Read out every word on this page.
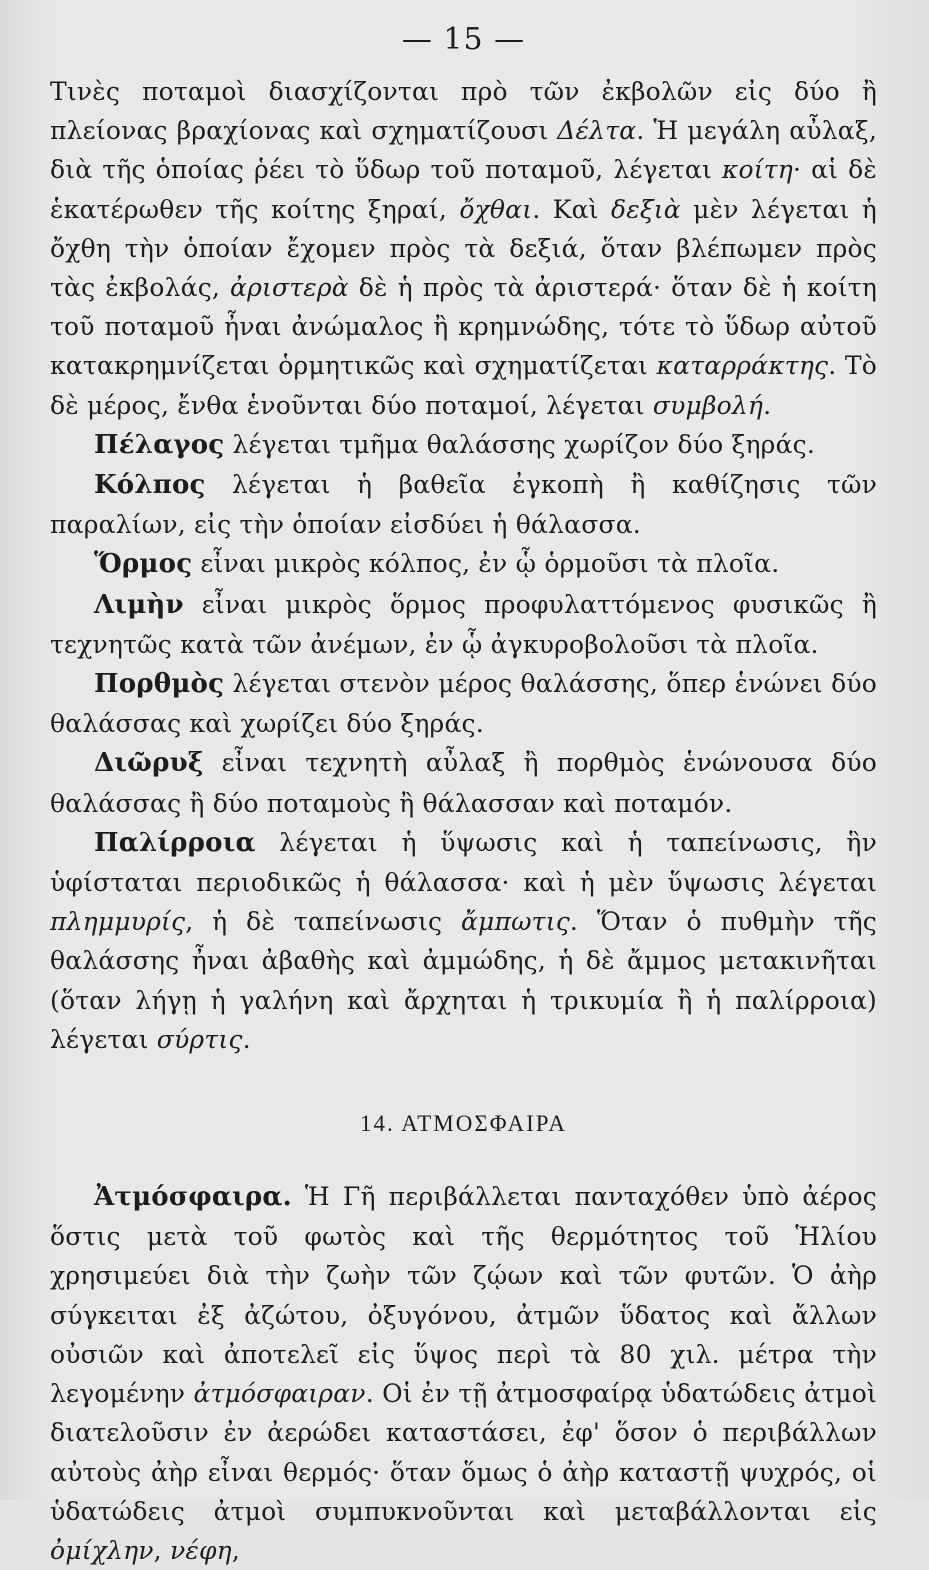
— 15 —

Τινὲς ποταμοὶ διασχίζονται πρὸ τῶν ἐκβολῶν εἰς δύο ἢ πλείονας βραχίονας καὶ σχηματίζουσι Δέλτα. Ἡ μεγάλη αὖλαξ, διὰ τῆς ὁποίας ῥέει τὸ ὕδωρ τοῦ ποταμοῦ, λέγεται κοίτη· αἱ δὲ ἑκατέρωθεν τῆς κοίτης ξηραί, ὄχθαι. Καὶ δεξιὰ μὲν λέγεται ἡ ὄχθη τὴν ὁποίαν ἔχομεν πρὸς τὰ δεξιά, ὅταν βλέπωμεν πρὸς τὰς ἐκβολάς, ἀριστερὰ δὲ ἡ πρὸς τὰ ἀριστερά· ὅταν δὲ ἡ κοίτη τοῦ ποταμοῦ ἦναι ἀνώμαλος ἢ κρημνώδης, τότε τὸ ὕδωρ αὐτοῦ κατακρημνίζεται ὁρμητικῶς καὶ σχηματίζεται καταρράκτης. Τὸ δὲ μέρος, ἔνθα ἑνοῦνται δύο ποταμοί, λέγεται συμβολή.

Πέλαγος λέγεται τμῆμα θαλάσσης χωρίζον δύο ξηράς.

Κόλπος λέγεται ἡ βαθεῖα ἐγκοπὴ ἢ καθίζησις τῶν παραλίων, εἰς τὴν ὁποίαν εἰσδύει ἡ θάλασσα.

Ὅρμος εἶναι μικρὸς κόλπος, ἐν ᾧ ὁρμοῦσι τὰ πλοῖα.

Λιμὴν εἶναι μικρὸς ὅρμος προφυλαττόμενος φυσικῶς ἢ τεχνητῶς κατὰ τῶν ἀνέμων, ἐν ᾧ ἀγκυροβολοῦσι τὰ πλοῖα.

Πορθμὸς λέγεται στενὸν μέρος θαλάσσης, ὅπερ ἑνώνει δύο θαλάσσας καὶ χωρίζει δύο ξηράς.

Διῶρυξ εἶναι τεχνητὴ αὖλαξ ἢ πορθμὸς ἑνώνουσα δύο θαλάσσας ἢ δύο ποταμοὺς ἢ θάλασσαν καὶ ποταμόν.

Παλίρροια λέγεται ἡ ὕψωσις καὶ ἡ ταπείνωσις, ἣν ὑφίσταται περιοδικῶς ἡ θάλασσα· καὶ ἡ μὲν ὕψωσις λέγεται πλημμυρίς, ἡ δὲ ταπείνωσις ἄμπωτις. Ὅταν ὁ πυθμὴν τῆς θαλάσσης ἦναι ἀβαθὴς καὶ ἀμμώδης, ἡ δὲ ἄμμος μετακινῆται (ὅταν λήγῃ ἡ γαλήνη καὶ ἄρχηται ἡ τρικυμία ἢ ἡ παλίρροια) λέγεται σύρτις.

14. ΑΤΜΟΣΦΑΙΡΑ

Ἀτμόσφαιρα. Ἡ Γῆ περιβάλλεται πανταχόθεν ὑπὸ ἀέρος ὅστις μετὰ τοῦ φωτὸς καὶ τῆς θερμότητος τοῦ Ἡλίου χρησιμεύει διὰ τὴν ζωὴν τῶν ζῴων καὶ τῶν φυτῶν. Ὁ ἀὴρ σύγκειται ἐξ ἀζώτου, ὀξυγόνου, ἀτμῶν ὕδατος καὶ ἄλλων οὐσιῶν καὶ ἀποτελεῖ εἰς ὕψος περὶ τὰ 80 χιλ. μέτρα τὴν λεγομένην ἀτμόσφαιραν. Οἱ ἐν τῇ ἀτμοσφαίρᾳ ὑδατώδεις ἀτμοὶ διατελοῦσιν ἐν ἀερώδει καταστάσει, ἐφ' ὅσον ὁ περιβάλλων αὐτοὺς ἀὴρ εἶναι θερμός· ὅταν ὅμως ὁ ἀὴρ καταστῇ ψυχρός, οἱ ὑδατώδεις ἀτμοὶ συμπυκνοῦνται καὶ μεταβάλλονται εἰς ὀμίχλην, νέφη,
